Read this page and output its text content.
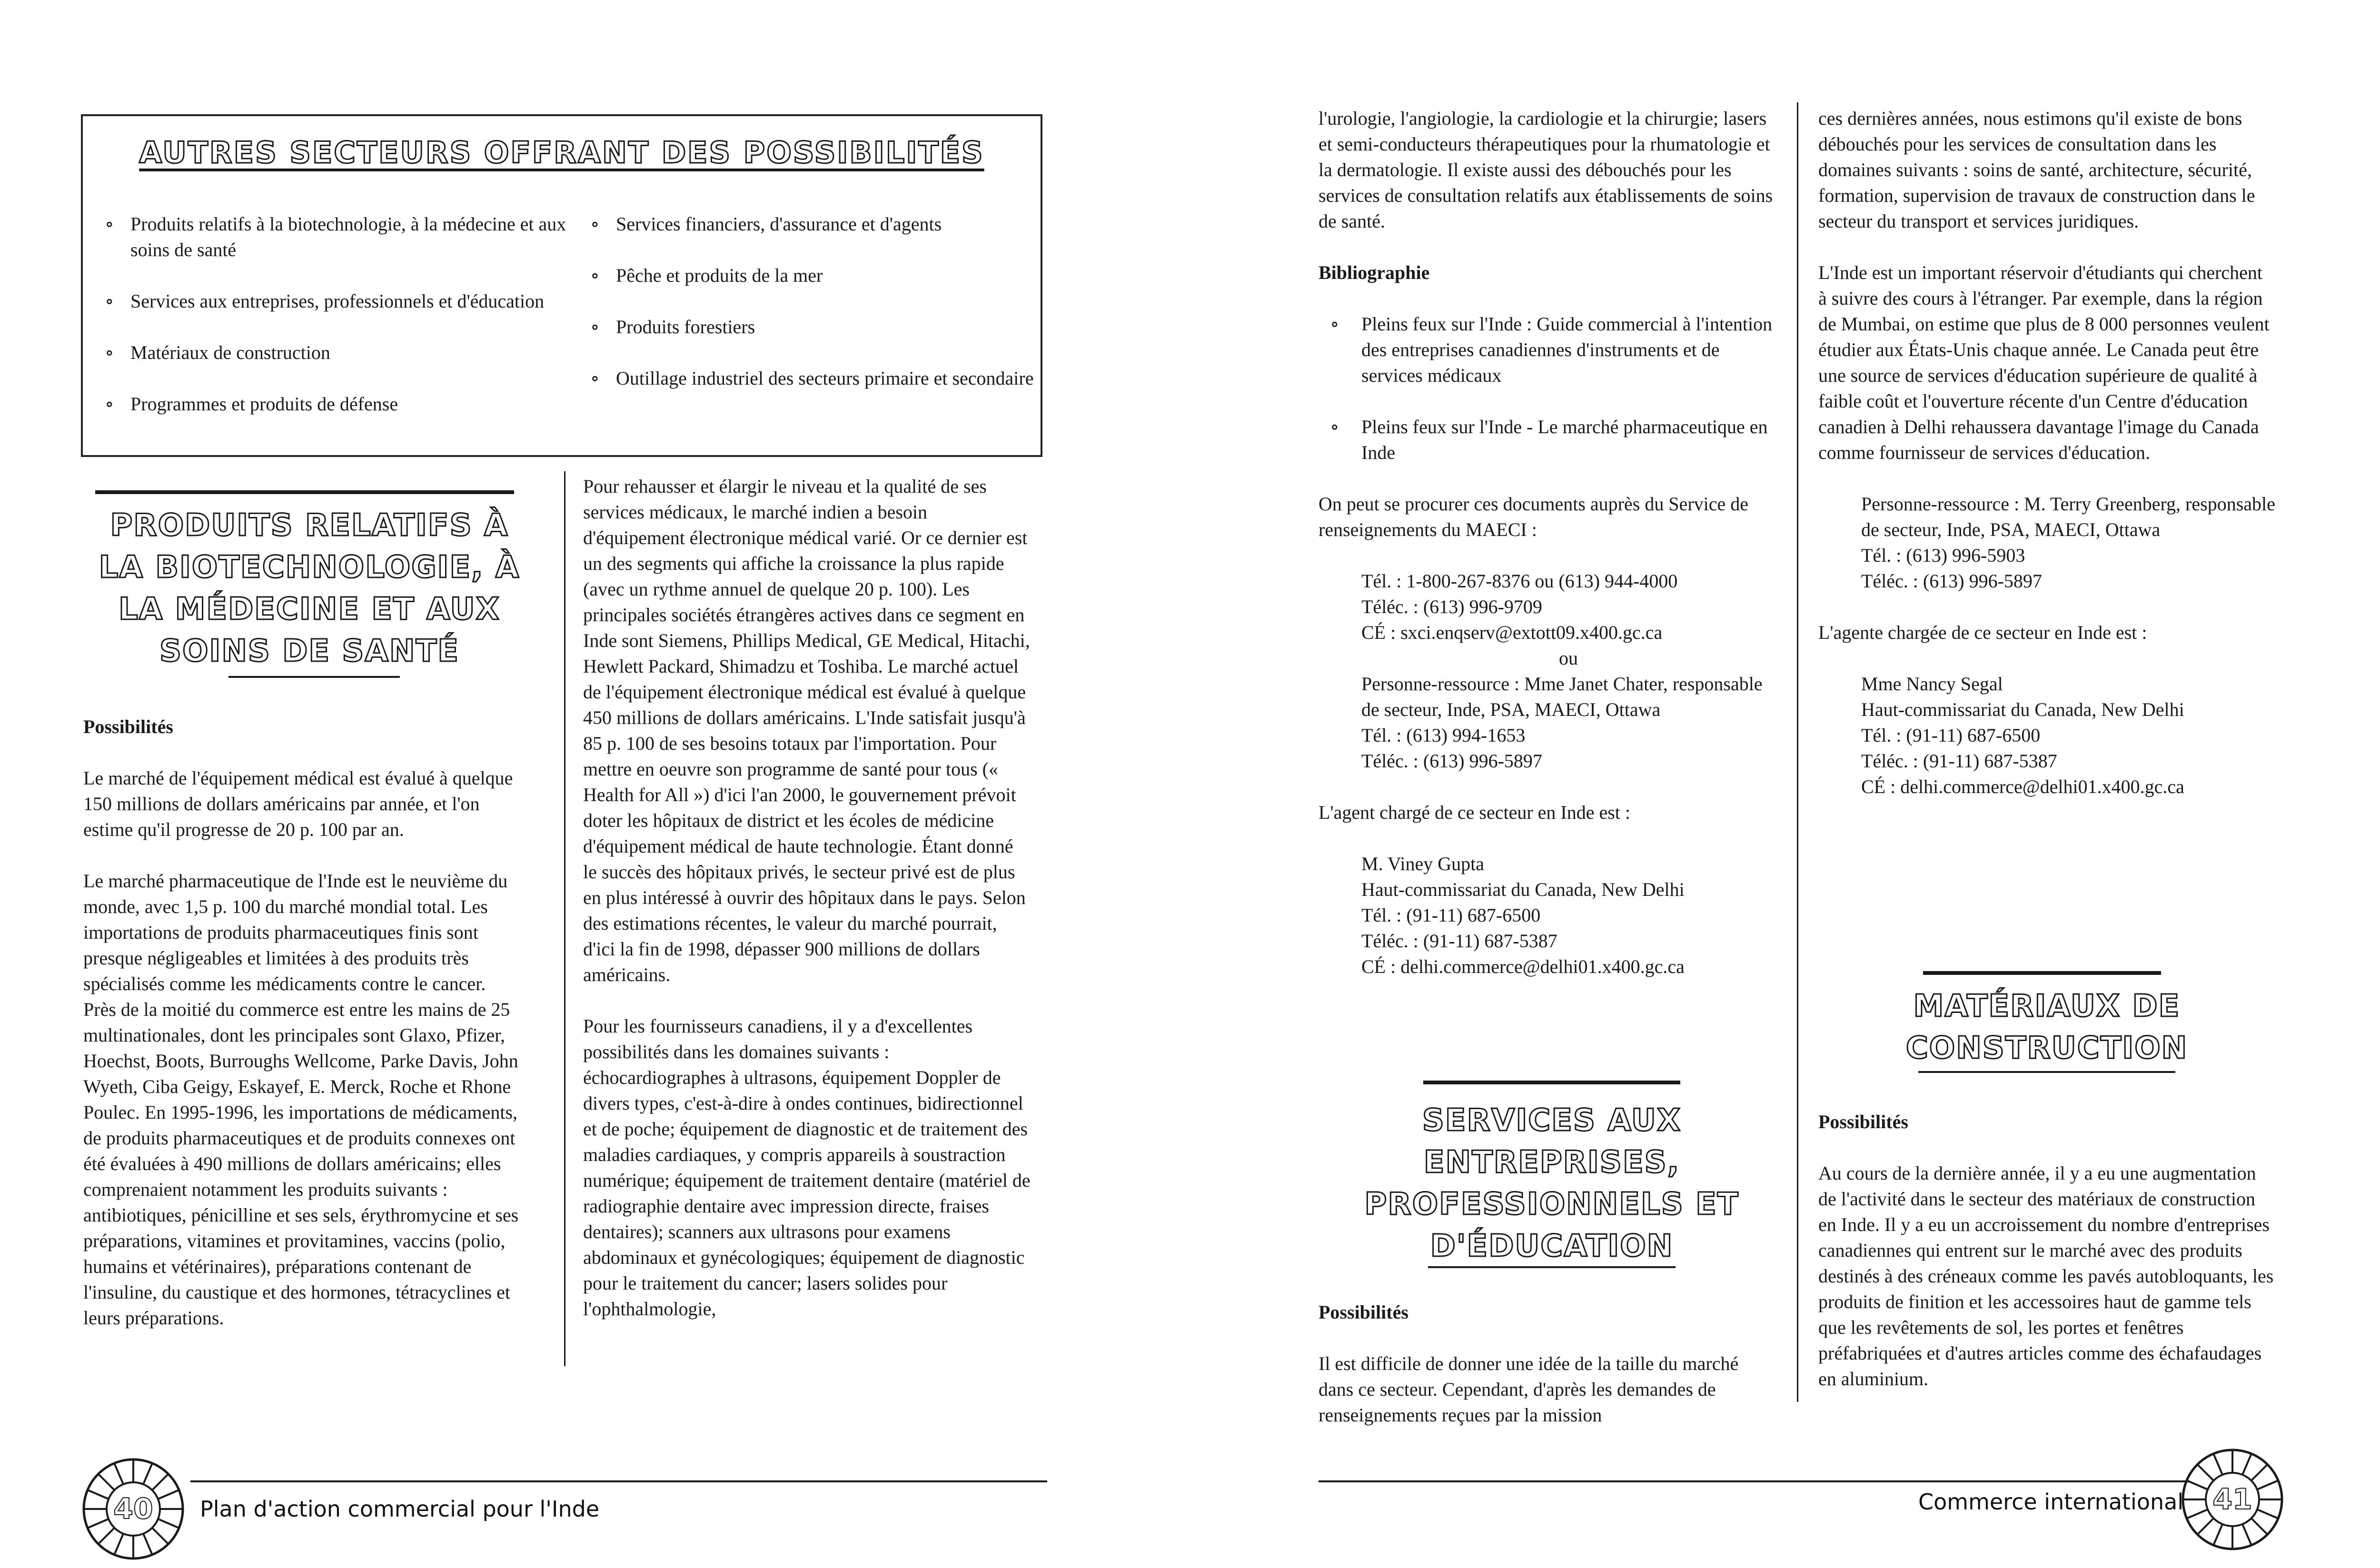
AUTRES SECTEURS OFFRANT DES POSSIBILITÉS
∘ Produits relatifs à la biotechnologie, à la médecine et aux soins de santé
∘ Services aux entreprises, professionnels et d'éducation
∘ Matériaux de construction
∘ Programmes et produits de défense
∘ Services financiers, d'assurance et d'agents
∘ Pêche et produits de la mer
∘ Produits forestiers
∘ Outillage industriel des secteurs primaire et secondaire
PRODUITS RELATIFS À LA BIOTECHNOLOGIE, À LA MÉDECINE ET AUX SOINS DE SANTÉ
Possibilités

Le marché de l'équipement médical est évalué à quelque 150 millions de dollars américains par année, et l'on estime qu'il progresse de 20 p. 100 par an.

Le marché pharmaceutique de l'Inde est le neuvième du monde, avec 1,5 p. 100 du marché mondial total. Les importations de produits pharmaceutiques finis sont presque négligeables et limitées à des produits très spécialisés comme les médicaments contre le cancer. Près de la moitié du commerce est entre les mains de 25 multinationales, dont les principales sont Glaxo, Pfizer, Hoechst, Boots, Burroughs Wellcome, Parke Davis, John Wyeth, Ciba Geigy, Eskayef, E. Merck, Roche et Rhone Poulec. En 1995-1996, les importations de médicaments, de produits pharmaceutiques et de produits connexes ont été évaluées à 490 millions de dollars américains; elles comprenaient notamment les produits suivants : antibiotiques, pénicilline et ses sels, érythromycine et ses préparations, vitamines et provitamines, vaccins (polio, humains et vétérinaires), préparations contenant de l'insuline, du caustique et des hormones, tétracyclines et leurs préparations.

Pour rehausser et élargir le niveau et la qualité de ses services médicaux, le marché indien a besoin d'équipement électronique médical varié. Or ce dernier est un des segments qui affiche la croissance la plus rapide (avec un rythme annuel de quelque 20 p. 100). Les principales sociétés étrangères actives dans ce segment en Inde sont Siemens, Phillips Medical, GE Medical, Hitachi, Hewlett Packard, Shimadzu et Toshiba. Le marché actuel de l'équipement électronique médical est évalué à quelque 450 millions de dollars américains. L'Inde satisfait jusqu'à 85 p. 100 de ses besoins totaux par l'importation. Pour mettre en oeuvre son programme de santé pour tous (« Health for All ») d'ici l'an 2000, le gouvernement prévoit doter les hôpitaux de district et les écoles de médicine d'équipement médical de haute technologie. Étant donné le succès des hôpitaux privés, le secteur privé est de plus en plus intéressé à ouvrir des hôpitaux dans le pays. Selon des estimations récentes, le valeur du marché pourrait, d'ici la fin de 1998, dépasser 900 millions de dollars américains.

Pour les fournisseurs canadiens, il y a d'excellentes possibilités dans les domaines suivants : échocardiographes à ultrasons, équipement Doppler de divers types, c'est-à-dire à ondes continues, bidirectionnel et de poche; équipement de diagnostic et de traitement des maladies cardiaques, y compris appareils à soustraction numérique; équipement de traitement dentaire (matériel de radiographie dentaire avec impression directe, fraises dentaires); scanners aux ultrasons pour examens abdominaux et gynécologiques; équipement de diagnostic pour le traitement du cancer; lasers solides pour l'ophthalmologie,

40	Plan d'action commercial pour l'Inde

l'urologie, l'angiologie, la cardiologie et la chirurgie; lasers et semi-conducteurs thérapeutiques pour la rhumatologie et la dermatologie. Il existe aussi des débouchés pour les services de consultation relatifs aux établissements de soins de santé.

Bibliographie
∘ Pleins feux sur l'Inde : Guide commercial à l'intention des entreprises canadiennes d'instruments et de services médicaux
∘ Pleins feux sur l'Inde - Le marché pharmaceutique en Inde

On peut se procurer ces documents auprès du Service de renseignements du MAECI :

Tél. : 1-800-267-8376 ou (613) 944-4000
Téléc. : (613) 996-9709
CÉ : sxci.enqserv@extott09.x400.gc.ca
ou
Personne-ressource : Mme Janet Chater, responsable de secteur, Inde, PSA, MAECI, Ottawa
Tél. : (613) 994-1653
Téléc. : (613) 996-5897

L'agent chargé de ce secteur en Inde est :

M. Viney Gupta
Haut-commissariat du Canada, New Delhi
Tél. : (91-11) 687-6500
Téléc. : (91-11) 687-5387
CÉ : delhi.commerce@delhi01.x400.gc.ca
SERVICES AUX ENTREPRISES, PROFESSIONNELS ET D'ÉDUCATION
Possibilités

Il est difficile de donner une idée de la taille du marché dans ce secteur. Cependant, d'après les demandes de renseignements reçues par la mission

ces dernières années, nous estimons qu'il existe de bons débouchés pour les services de consultation dans les domaines suivants : soins de santé, architecture, sécurité, formation, supervision de travaux de construction dans le secteur du transport et services juridiques.

L'Inde est un important réservoir d'étudiants qui cherchent à suivre des cours à l'étranger. Par exemple, dans la région de Mumbai, on estime que plus de 8 000 personnes veulent étudier aux États-Unis chaque année. Le Canada peut être une source de services d'éducation supérieure de qualité à faible coût et l'ouverture récente d'un Centre d'éducation canadien à Delhi rehaussera davantage l'image du Canada comme fournisseur de services d'éducation.

Personne-ressource : M. Terry Greenberg, responsable de secteur, Inde, PSA, MAECI, Ottawa
Tél. : (613) 996-5903
Téléc. : (613) 996-5897

L'agente chargée de ce secteur en Inde est :

Mme Nancy Segal
Haut-commissariat du Canada, New Delhi
Tél. : (91-11) 687-6500
Téléc. : (91-11) 687-5387
CÉ : delhi.commerce@delhi01.x400.gc.ca
MATÉRIAUX DE CONSTRUCTION
Possibilités

Au cours de la dernière année, il y a eu une augmentation de l'activité dans le secteur des matériaux de construction en Inde. Il y a eu un accroissement du nombre d'entreprises canadiennes qui entrent sur le marché avec des produits destinés à des créneaux comme les pavés autobloquants, les produits de finition et les accessoires haut de gamme tels que les revêtements de sol, les portes et fenêtres préfabriquées et d'autres articles comme des échafaudages en aluminium.

Commerce international	41
